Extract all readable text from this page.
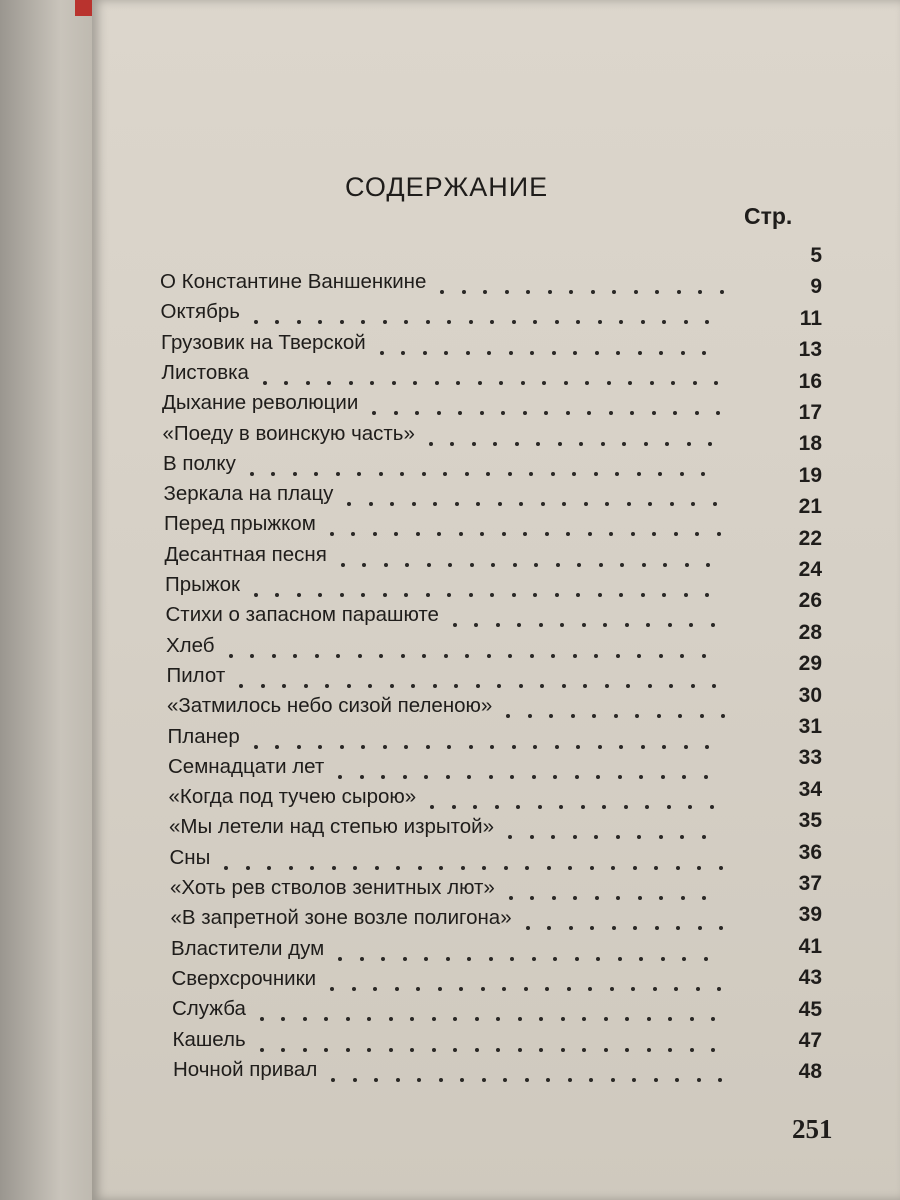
СОДЕРЖАНИЕ
Стр.
5
9
11
13
16
17
18
19
21
22
24
26
28
29
30
31
33
34
35
36
37
39
41
43
45
47
48
О Константине Ваншенкине
Октябрь
Грузовик на Тверской
Листовка
Дыхание революции
«Поеду в воинскую часть»
В полку
Зеркала на плацу
Перед прыжком
Десантная песня
Прыжок
Стихи о запасном парашюте
Хлеб
Пилот
«Затмилось небо сизой пеленою»
Планер
Семнадцати лет
«Когда под тучею сырою»
«Мы летели над степью изрытой»
Сны
«Хоть рев стволов зенитных лют»
«В запретной зоне возле полигона»
Властители дум
Сверхсрочники
Служба
Кашель
Ночной привал
251
